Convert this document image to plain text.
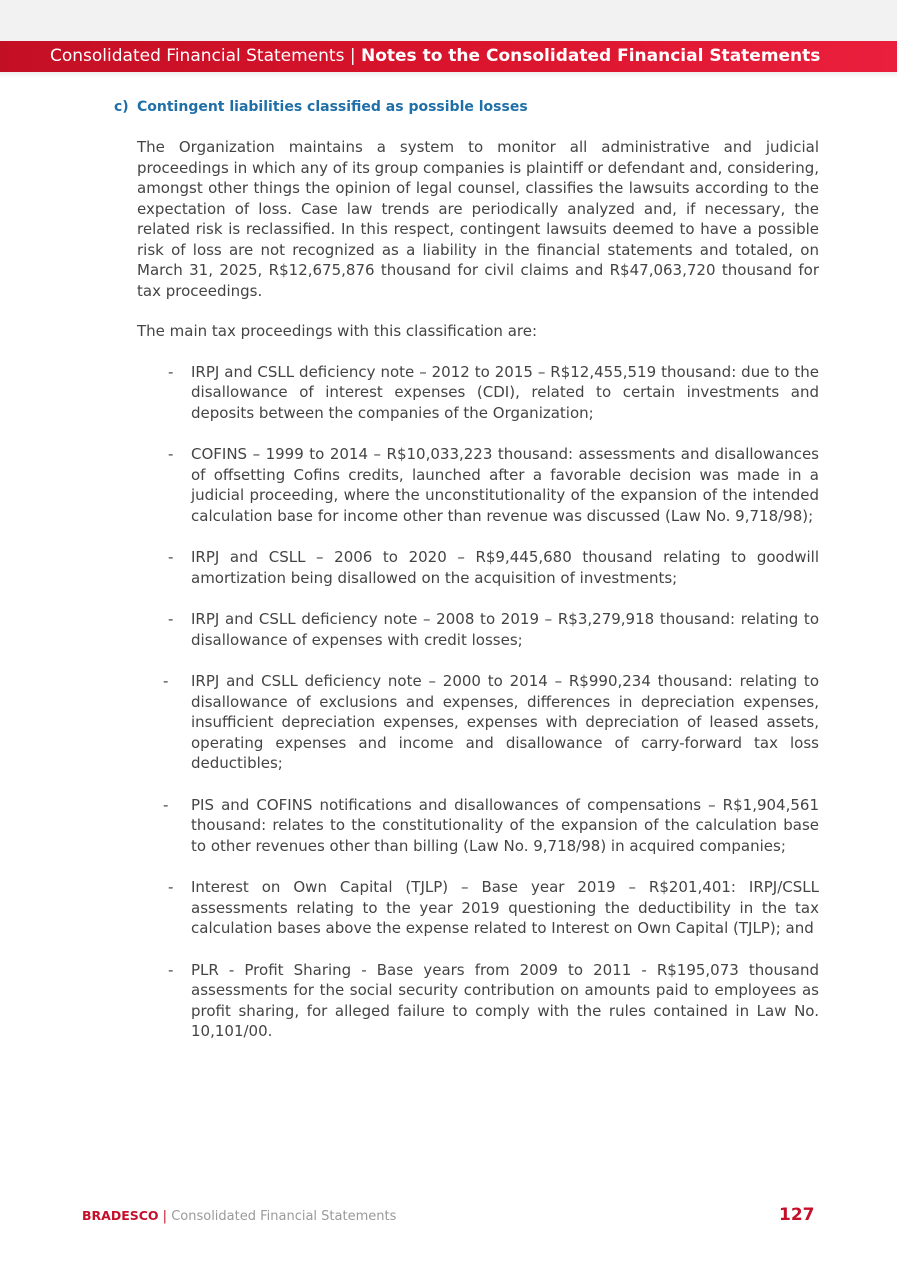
Consolidated Financial Statements | Notes to the Consolidated Financial Statements
c) Contingent liabilities classified as possible losses

The Organization maintains a system to monitor all administrative and judicial proceedings in which any of its group companies is plaintiff or defendant and, considering, amongst other things the opinion of legal counsel, classifies the lawsuits according to the expectation of loss. Case law trends are periodically analyzed and, if necessary, the related risk is reclassified. In this respect, contingent lawsuits deemed to have a possible risk of loss are not recognized as a liability in the financial statements and totaled, on March 31, 2025, R$12,675,876 thousand for civil claims and R$47,063,720 thousand for tax proceedings.

The main tax proceedings with this classification are:

- IRPJ and CSLL deficiency note – 2012 to 2015 – R$12,455,519 thousand: due to the disallowance of interest expenses (CDI), related to certain investments and deposits between the companies of the Organization;
- COFINS – 1999 to 2014 – R$10,033,223 thousand: assessments and disallowances of offsetting Cofins credits, launched after a favorable decision was made in a judicial proceeding, where the unconstitutionality of the expansion of the intended calculation base for income other than revenue was discussed (Law No. 9,718/98);
- IRPJ and CSLL – 2006 to 2020 – R$9,445,680 thousand relating to goodwill amortization being disallowed on the acquisition of investments;
- IRPJ and CSLL deficiency note – 2008 to 2019 – R$3,279,918 thousand: relating to disallowance of expenses with credit losses;
- IRPJ and CSLL deficiency note – 2000 to 2014 – R$990,234 thousand: relating to disallowance of exclusions and expenses, differences in depreciation expenses, insufficient depreciation expenses, expenses with depreciation of leased assets, operating expenses and income and disallowance of carry-forward tax loss deductibles;
- PIS and COFINS notifications and disallowances of compensations – R$1,904,561 thousand: relates to the constitutionality of the expansion of the calculation base to other revenues other than billing (Law No. 9,718/98) in acquired companies;
- Interest on Own Capital (TJLP) – Base year 2019 – R$201,401: IRPJ/CSLL assessments relating to the year 2019 questioning the deductibility in the tax calculation bases above the expense related to Interest on Own Capital (TJLP); and
- PLR - Profit Sharing - Base years from 2009 to 2011 - R$195,073 thousand assessments for the social security contribution on amounts paid to employees as profit sharing, for alleged failure to comply with the rules contained in Law No. 10,101/00.
BRADESCO | Consolidated Financial Statements	127
